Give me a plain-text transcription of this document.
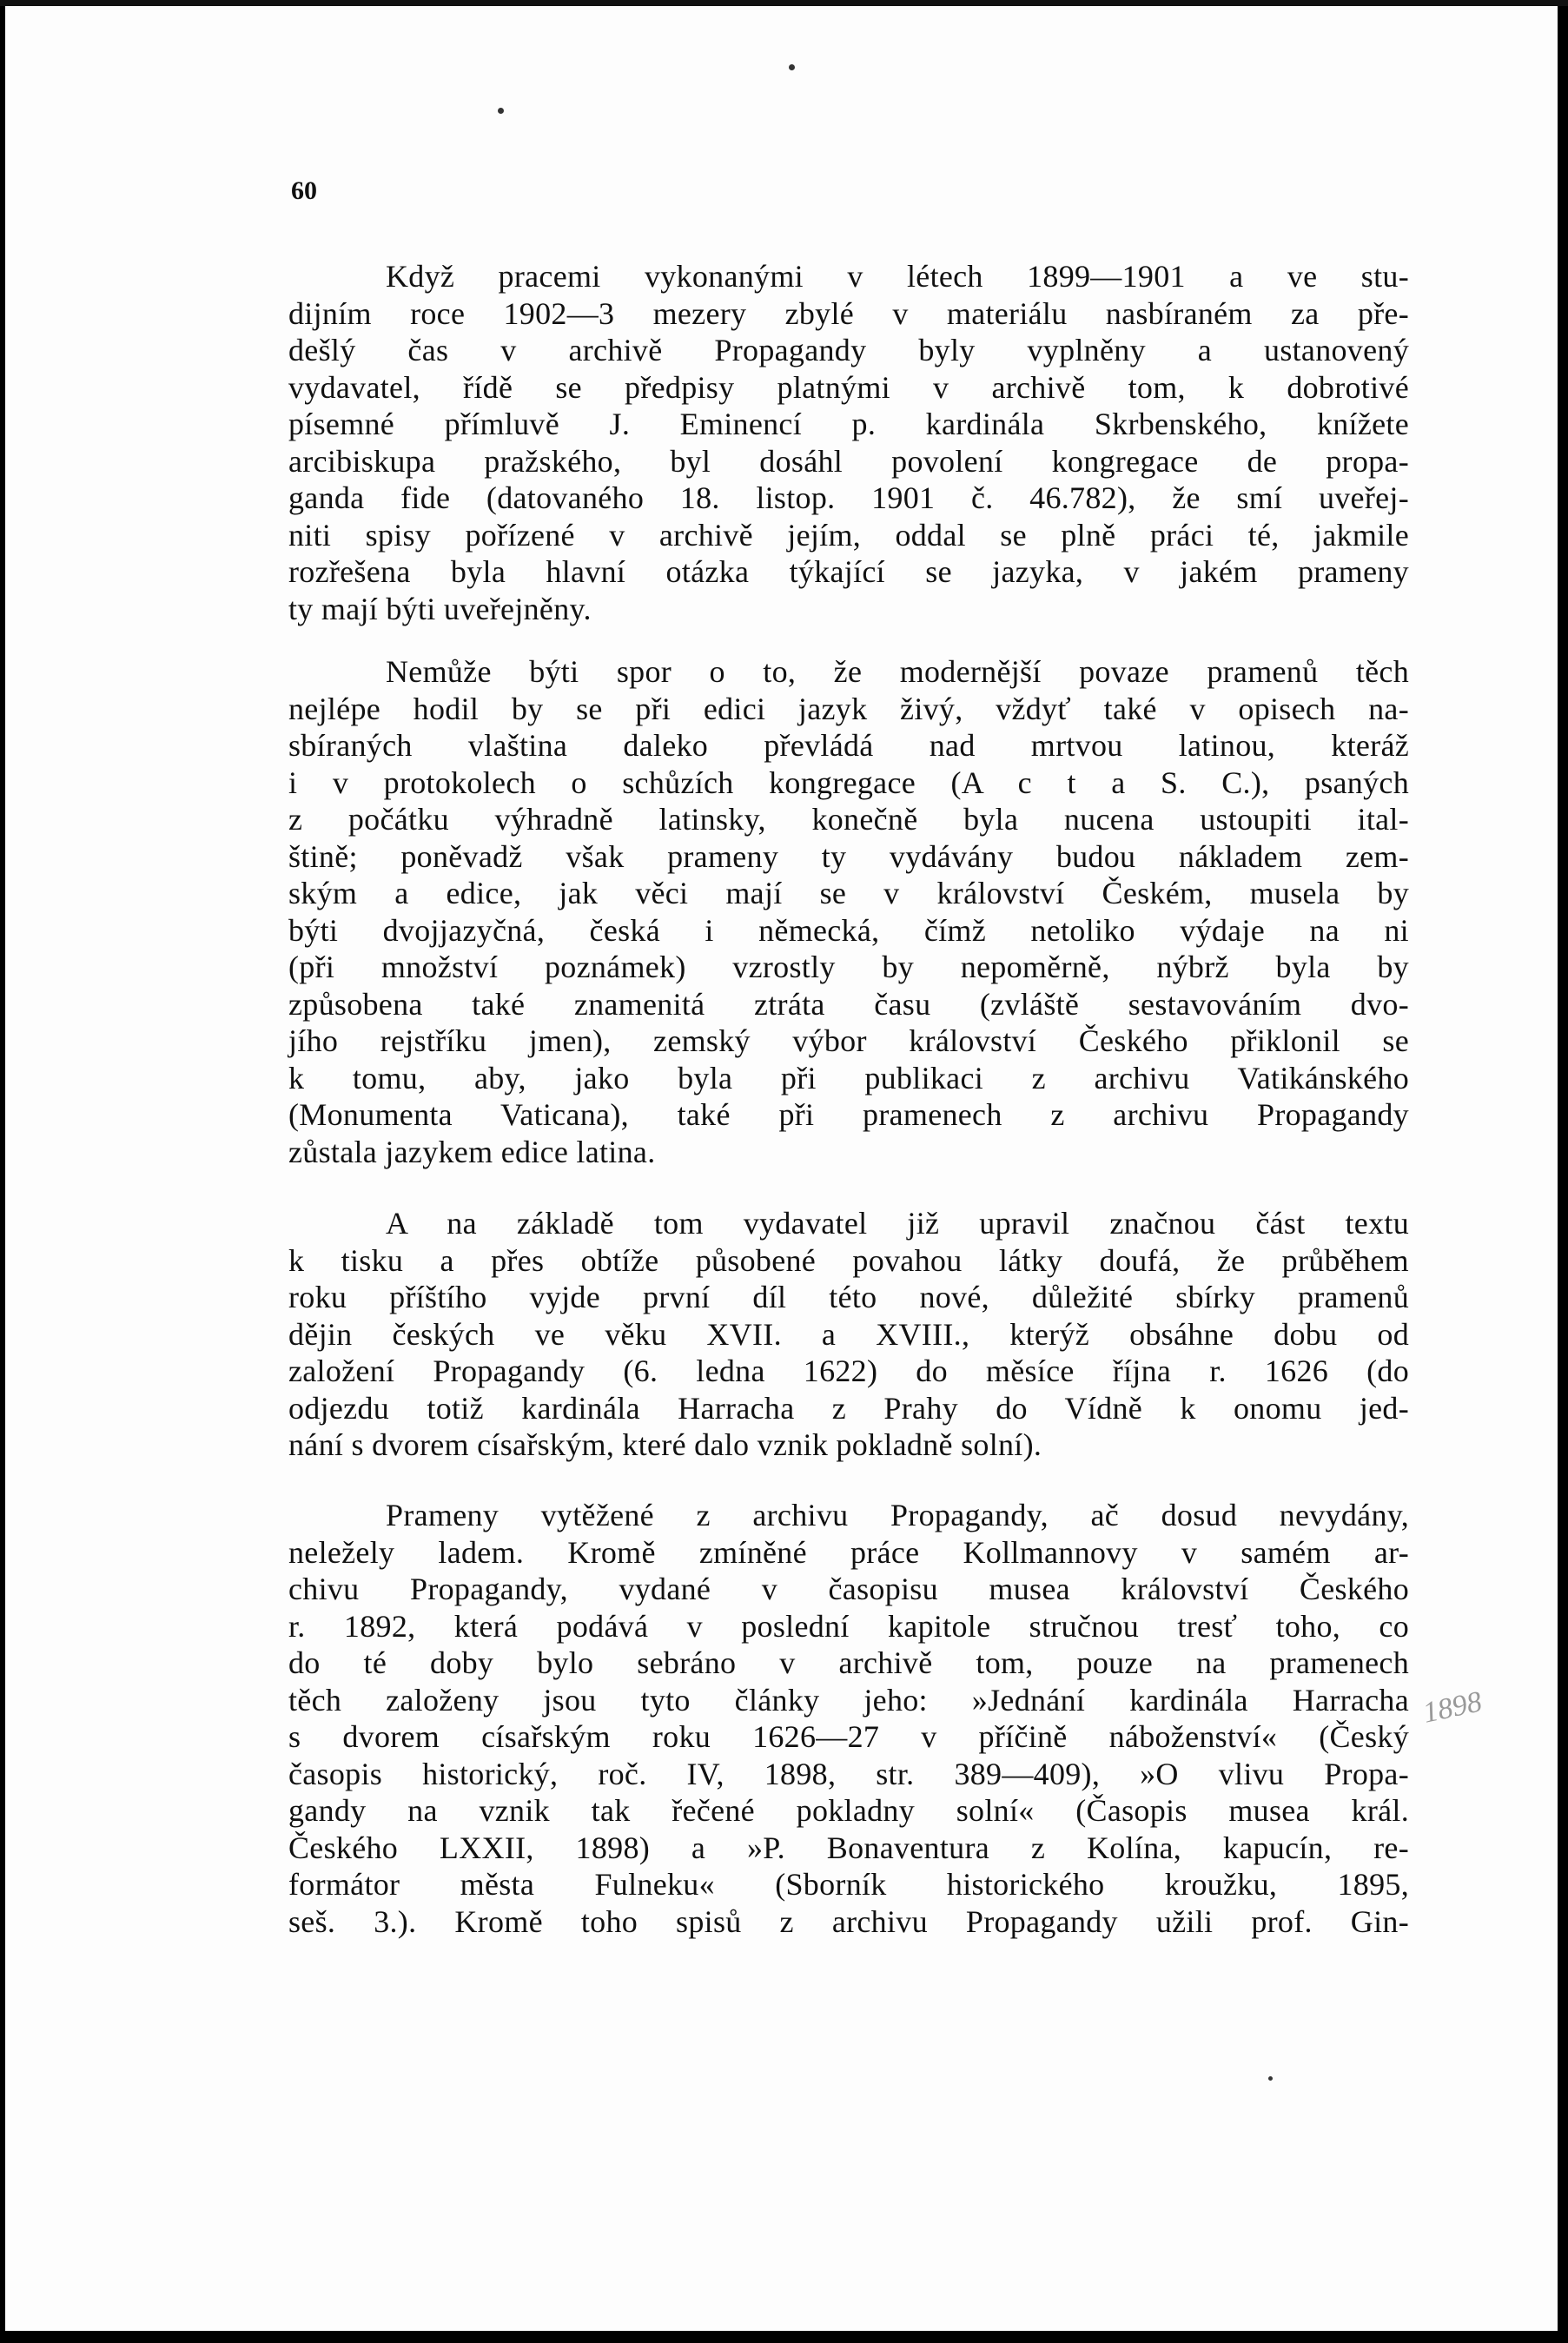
60
Když pracemi vykonanými v létech 1899—1901 a ve stu-
dijním roce 1902—3 mezery zbylé v materiálu nasbíraném za pře-
dešlý čas v archivě Propagandy byly vyplněny a ustanovený
vydavatel, řídě se předpisy platnými v archivě tom, k dobrotivé
písemné přímluvě J. Eminencí p. kardinála Skrbenského, knížete
arcibiskupa pražského, byl dosáhl povolení kongregace de propa-
ganda fide (datovaného 18. listop. 1901 č. 46.782), že smí uveřej-
niti spisy pořízené v archivě jejím, oddal se plně práci té, jakmile
rozřešena byla hlavní otázka týkající se jazyka, v jakém prameny
ty mají býti uveřejněny.
Nemůže býti spor o to, že modernější povaze pramenů těch
nejlépe hodil by se při edici jazyk živý, vždyť také v opisech na-
sbíraných vlaština daleko převládá nad mrtvou latinou, kteráž
i v protokolech o schůzích kongregace (A c t a S. C.), psaných
z počátku výhradně latinsky, konečně byla nucena ustoupiti ital-
štině; poněvadž však prameny ty vydávány budou nákladem zem-
ským a edice, jak věci mají se v království Českém, musela by
býti dvojjazyčná, česká i německá, čímž netoliko výdaje na ni
(při množství poznámek) vzrostly by nepoměrně, nýbrž byla by
způsobena také znamenitá ztráta času (zvláště sestavováním dvo-
jího rejstříku jmen), zemský výbor království Českého přiklonil se
k tomu, aby, jako byla při publikaci z archivu Vatikánského
(Monumenta Vaticana), také při pramenech z archivu Propagandy
zůstala jazykem edice latina.
A na základě tom vydavatel již upravil značnou část textu
k tisku a přes obtíže působené povahou látky doufá, že průběhem
roku příštího vyjde první díl této nové, důležité sbírky pramenů
dějin českých ve věku XVII. a XVIII., kterýž obsáhne dobu od
založení Propagandy (6. ledna 1622) do měsíce října r. 1626 (do
odjezdu totiž kardinála Harracha z Prahy do Vídně k onomu jed-
nání s dvorem císařským, které dalo vznik pokladně solní).
Prameny vytěžené z archivu Propagandy, ač dosud nevydány,
neležely ladem. Kromě zmíněné práce Kollmannovy v samém ar-
chivu Propagandy, vydané v časopisu musea království Českého
r. 1892, která podává v poslední kapitole stručnou tresť toho, co
do té doby bylo sebráno v archivě tom, pouze na pramenech
těch založeny jsou tyto články jeho: »Jednání kardinála Harracha
s dvorem císařským roku 1626—27 v příčině náboženství« (Český
časopis historický, roč. IV, 1898, str. 389—409), »O vlivu Propa-
gandy na vznik tak řečené pokladny solní« (Časopis musea král.
Českého LXXII, 1898) a »P. Bonaventura z Kolína, kapucín, re-
formátor města Fulneku« (Sborník historického kroužku, 1895,
seš. 3.). Kromě toho spisů z archivu Propagandy užili prof. Gin-
1898
